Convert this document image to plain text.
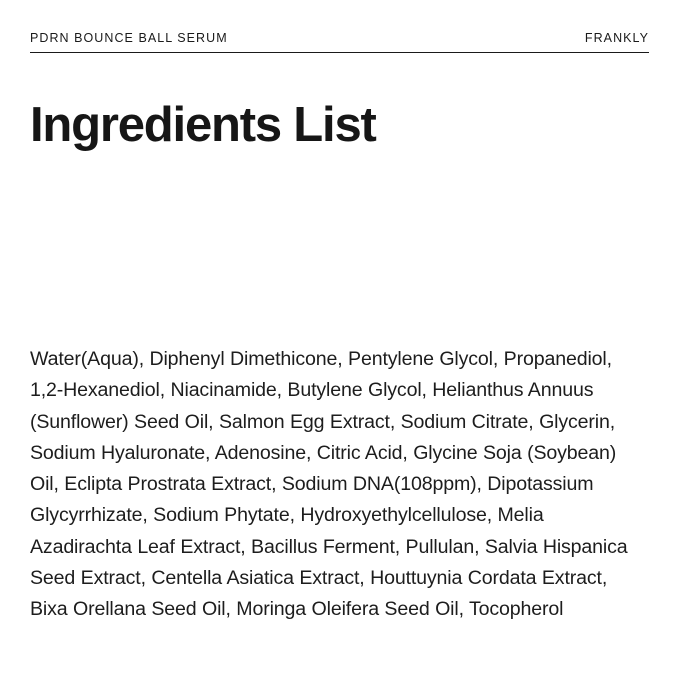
PDRN BOUNCE BALL SERUM	FRANKLY
Ingredients List
Water(Aqua), Diphenyl Dimethicone, Pentylene Glycol, Propanediol, 1,2-Hexanediol, Niacinamide, Butylene Glycol, Helianthus Annuus (Sunflower) Seed Oil, Salmon Egg Extract, Sodium Citrate, Glycerin, Sodium Hyaluronate, Adenosine, Citric Acid, Glycine Soja (Soybean) Oil, Eclipta Prostrata Extract, Sodium DNA(108ppm), Dipotassium Glycyrrhizate, Sodium Phytate, Hydroxyethylcellulose, Melia Azadirachta Leaf Extract, Bacillus Ferment, Pullulan, Salvia Hispanica Seed Extract, Centella Asiatica Extract, Houttuynia Cordata Extract, Bixa Orellana Seed Oil, Moringa Oleifera Seed Oil, Tocopherol
